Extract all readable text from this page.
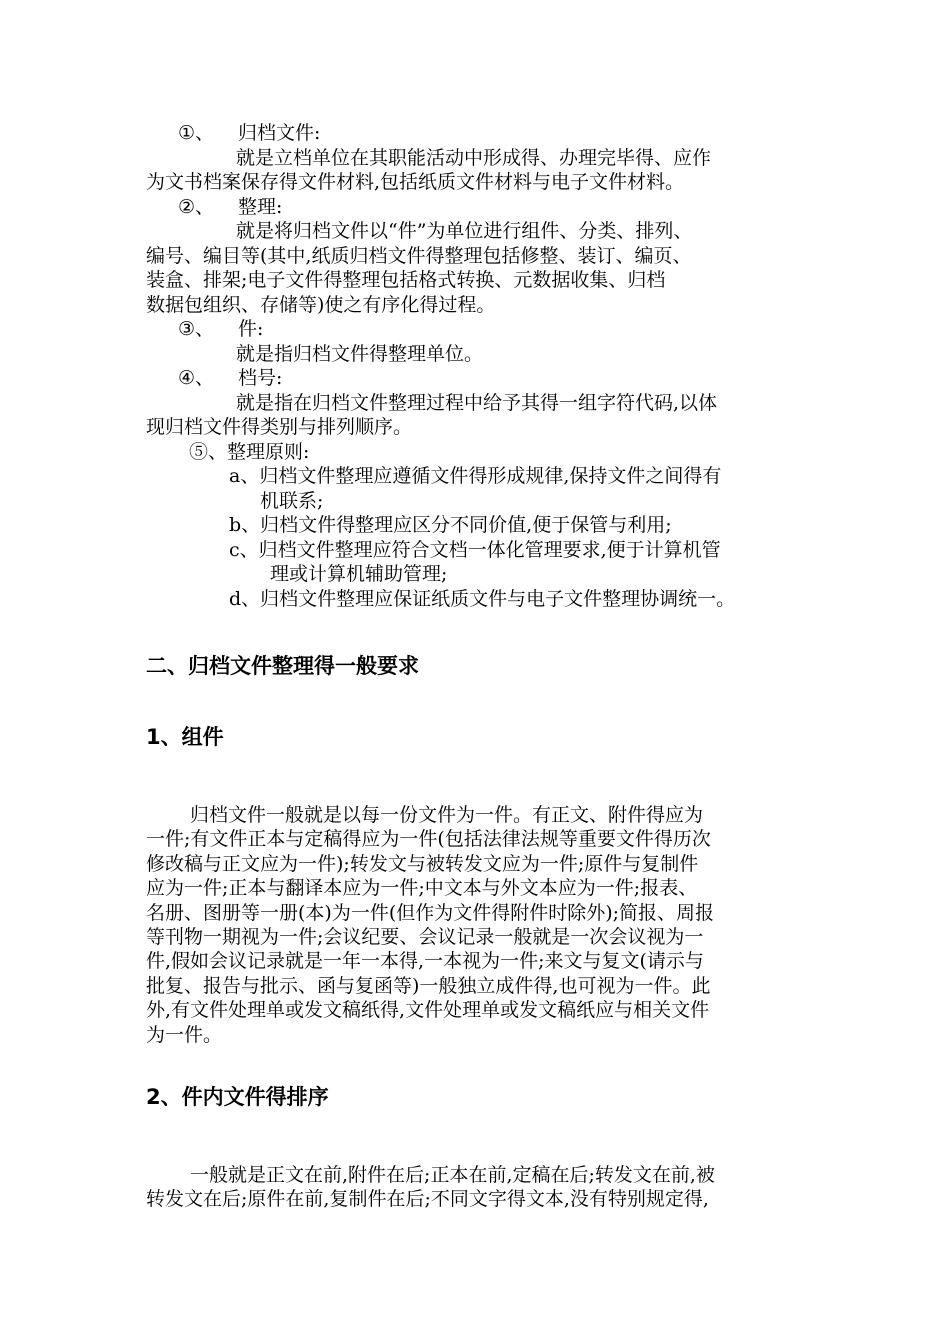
①、 归档文件:
就是立档单位在其职能活动中形成得、办理完毕得、应作
为文书档案保存得文件材料,包括纸质文件材料与电子文件材料。
②、 整理:
就是将归档文件以“件”为单位进行组件、分类、排列、
编号、编目等(其中,纸质归档文件得整理包括修整、装订、编页、
装盒、排架;电子文件得整理包括格式转换、元数据收集、归档
数据包组织、存储等)使之有序化得过程。
③、 件:
就是指归档文件得整理单位。
④、 档号:
就是指在归档文件整理过程中给予其得一组字符代码,以体
现归档文件得类别与排列顺序。
⑤、整理原则:
a、归档文件整理应遵循文件得形成规律,保持文件之间得有
机联系;
b、归档文件得整理应区分不同价值,便于保管与利用;
c、归档文件整理应符合文档一体化管理要求,便于计算机管
理或计算机辅助管理;
d、归档文件整理应保证纸质文件与电子文件整理协调统一。
二、归档文件整理得一般要求
1、组件
归档文件一般就是以每一份文件为一件。有正文、附件得应为
一件;有文件正本与定稿得应为一件(包括法律法规等重要文件得历次
修改稿与正文应为一件);转发文与被转发文应为一件;原件与复制件
应为一件;正本与翻译本应为一件;中文本与外文本应为一件;报表、
名册、图册等一册(本)为一件(但作为文件得附件时除外);简报、周报
等刊物一期视为一件;会议纪要、会议记录一般就是一次会议视为一
件,假如会议记录就是一年一本得,一本视为一件;来文与复文(请示与
批复、报告与批示、函与复函等)一般独立成件得,也可视为一件。此
外,有文件处理单或发文稿纸得,文件处理单或发文稿纸应与相关文件
为一件。
2、件内文件得排序
一般就是正文在前,附件在后;正本在前,定稿在后;转发文在前,被
转发文在后;原件在前,复制件在后;不同文字得文本,没有特别规定得,
